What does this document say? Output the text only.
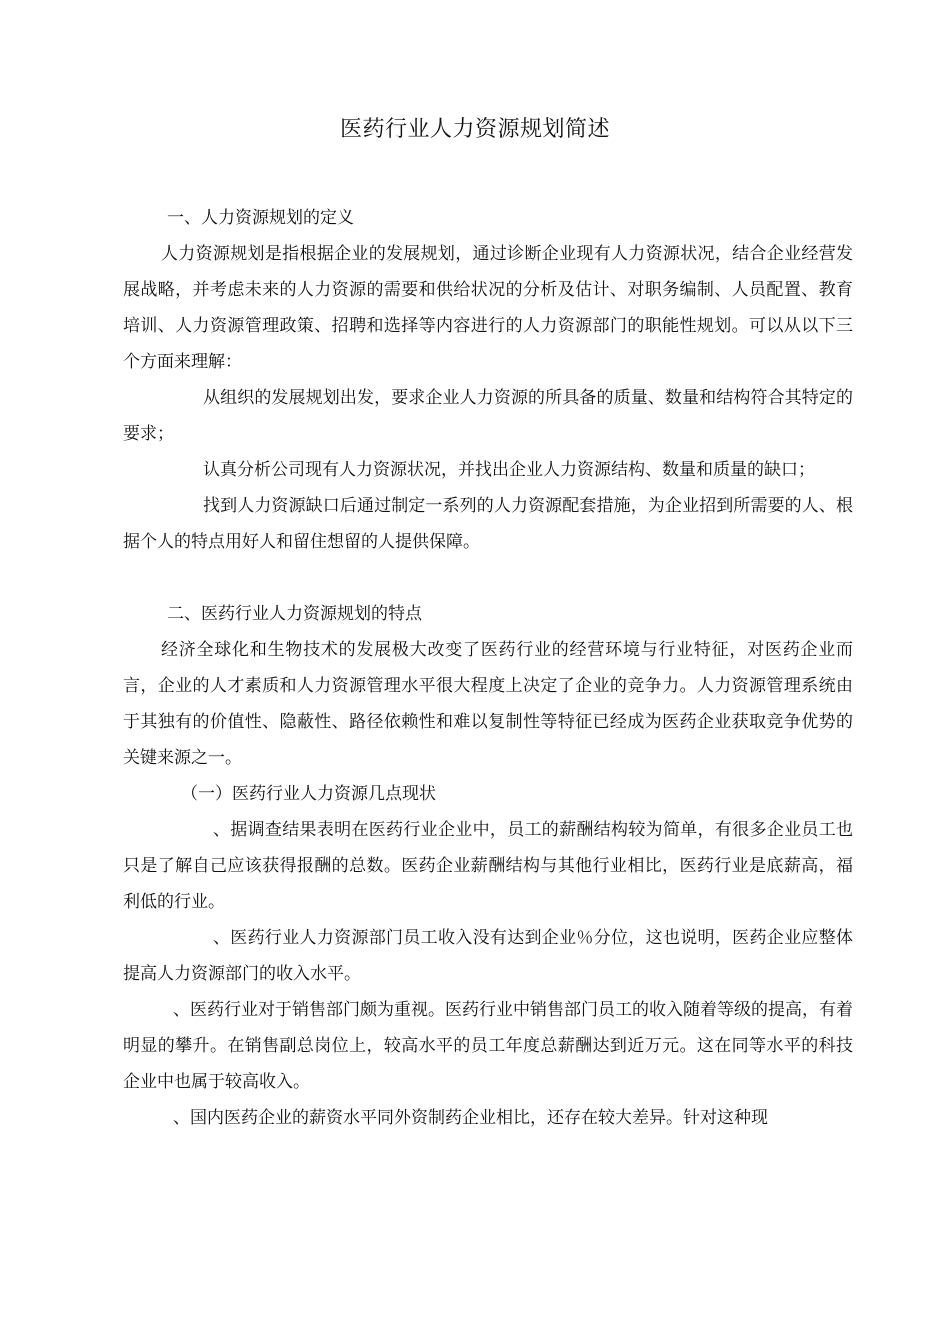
医药行业人力资源规划简述

一、人力资源规划的定义

人力资源规划是指根据企业的发展规划，通过诊断企业现有人力资源状况，结合企业经营发展战略，并考虑未来的人力资源的需要和供给状况的分析及估计、对职务编制、人员配置、教育培训、人力资源管理政策、招聘和选择等内容进行的人力资源部门的职能性规划。可以从以下三个方面来理解：

从组织的发展规划出发，要求企业人力资源的所具备的质量、数量和结构符合其特定的要求；

认真分析公司现有人力资源状况，并找出企业人力资源结构、数量和质量的缺口；

找到人力资源缺口后通过制定一系列的人力资源配套措施，为企业招到所需要的人、根据个人的特点用好人和留住想留的人提供保障。

二、医药行业人力资源规划的特点

经济全球化和生物技术的发展极大改变了医药行业的经营环境与行业特征，对医药企业而言，企业的人才素质和人力资源管理水平很大程度上决定了企业的竞争力。人力资源管理系统由于其独有的价值性、隐蔽性、路径依赖性和难以复制性等特征已经成为医药企业获取竞争优势的关键来源之一。

（一）医药行业人力资源几点现状

、据调查结果表明在医药行业企业中，员工的薪酬结构较为简单，有很多企业员工也只是了解自己应该获得报酬的总数。医药企业薪酬结构与其他行业相比，医药行业是底薪高，福利低的行业。

、医药行业人力资源部门员工收入没有达到企业％分位，这也说明，医药企业应整体提高人力资源部门的收入水平。

、医药行业对于销售部门颇为重视。医药行业中销售部门员工的收入随着等级的提高，有着明显的攀升。在销售副总岗位上，较高水平的员工年度总薪酬达到近万元。这在同等水平的科技企业中也属于较高收入。

、国内医药企业的薪资水平同外资制药企业相比，还存在较大差异。针对这种现
